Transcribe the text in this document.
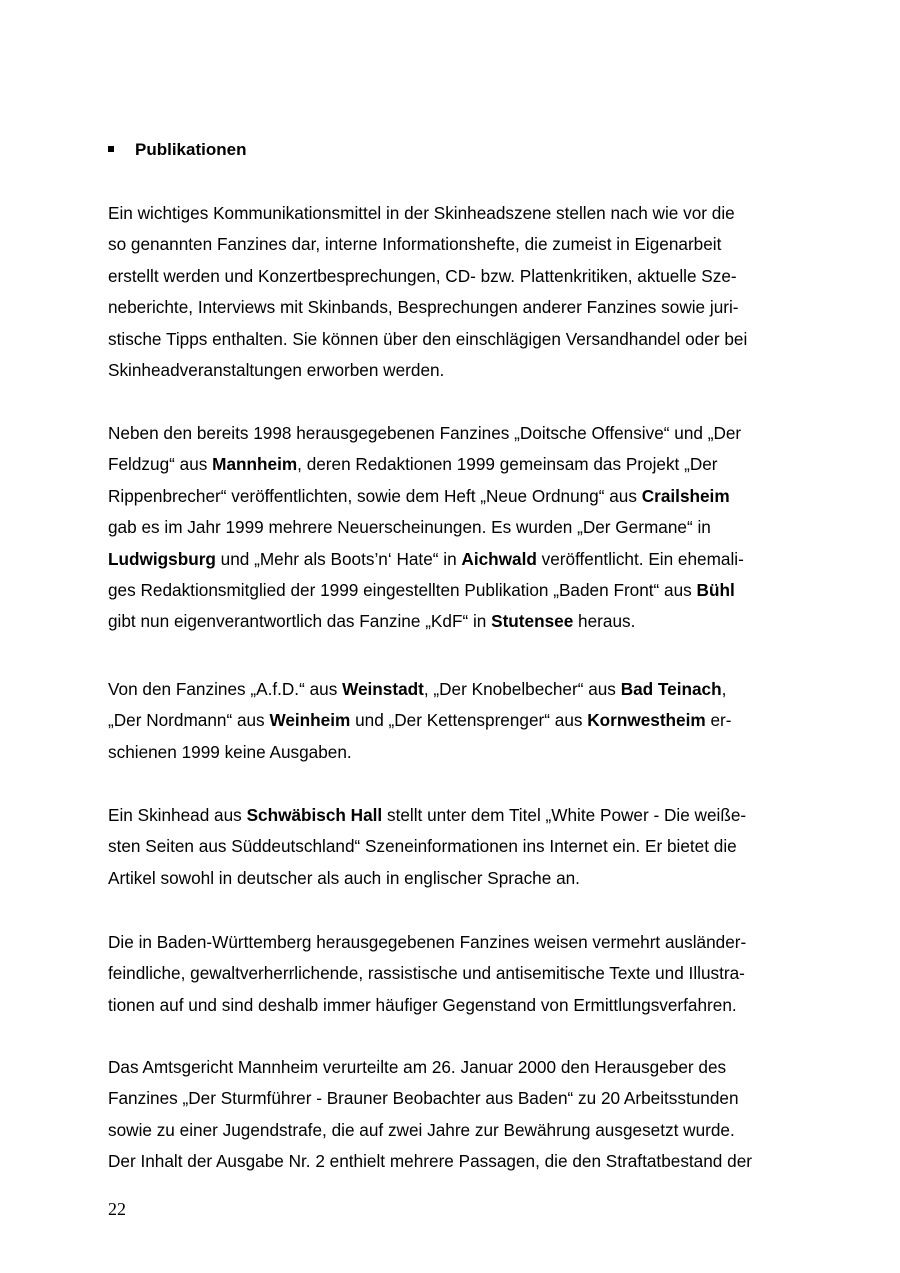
Publikationen
Ein wichtiges Kommunikationsmittel in der Skinheadszene stellen nach wie vor die
so genannten Fanzines dar, interne Informationshefte, die zumeist in Eigenarbeit
erstellt werden und Konzertbesprechungen, CD- bzw. Plattenkritiken, aktuelle Sze-
neberichte, Interviews mit Skinbands, Besprechungen anderer Fanzines sowie juri-
stische Tipps enthalten. Sie können über den einschlägigen Versandhandel oder bei
Skinheadveranstaltungen erworben werden.
Neben den bereits 1998 herausgegebenen Fanzines „Doitsche Offensive“ und „Der
Feldzug“ aus Mannheim, deren Redaktionen 1999 gemeinsam das Projekt „Der
Rippenbrecher“ veröffentlichten, sowie dem Heft „Neue Ordnung“ aus Crailsheim
gab es im Jahr 1999 mehrere Neuerscheinungen. Es wurden „Der Germane“ in
Ludwigsburg und „Mehr als Boots’n‘ Hate“ in Aichwald veröffentlicht. Ein ehemali-
ges Redaktionsmitglied der 1999 eingestellten Publikation „Baden Front“ aus Bühl
gibt nun eigenverantwortlich das Fanzine „KdF“ in Stutensee heraus.
Von den Fanzines „A.f.D.“ aus Weinstadt, „Der Knobelbecher“ aus Bad Teinach,
„Der Nordmann“ aus Weinheim und „Der Kettensprenger“ aus Kornwestheim er-
schienen 1999 keine Ausgaben.
Ein Skinhead aus Schwäbisch Hall stellt unter dem Titel „White Power - Die weiße-
sten Seiten aus Süddeutschland“ Szeneinformationen ins Internet ein. Er bietet die
Artikel sowohl in deutscher als auch in englischer Sprache an.
Die in Baden-Württemberg herausgegebenen Fanzines weisen vermehrt ausländer-
feindliche, gewaltverherrlichende, rassistische und antisemitische Texte und Illustra-
tionen auf und sind deshalb immer häufiger Gegenstand von Ermittlungsverfahren.
Das Amtsgericht Mannheim verurteilte am 26. Januar 2000 den Herausgeber des
Fanzines „Der Sturmführer - Brauner Beobachter aus Baden“ zu 20 Arbeitsstunden
sowie zu einer Jugendstrafe, die auf zwei Jahre zur Bewährung ausgesetzt wurde.
Der Inhalt der Ausgabe Nr. 2 enthielt mehrere Passagen, die den Straftatbestand der
22
